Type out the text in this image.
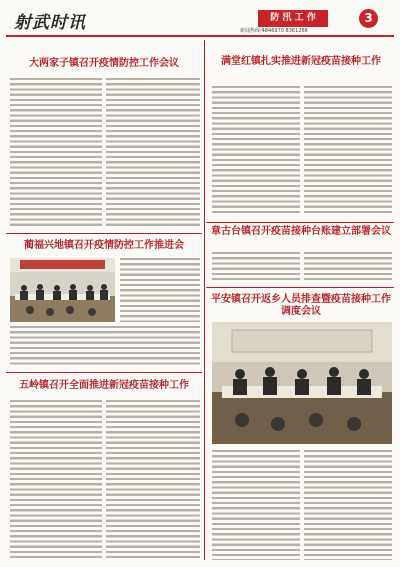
射武时讯	防 汛 工 作	3
新闻热线:4846970 8361266
大两家子镇召开疫情防控工作会议
蔺福兴地镇召开疫情防控工作推进会
五岭镇召开全面推进新冠疫苗接种工作
满堂红镇扎实推进新冠疫苗接种工作
章古台镇召开疫苗接种台账建立部署会议
平安镇召开返乡人员排查暨疫苗接种工作调度会议
